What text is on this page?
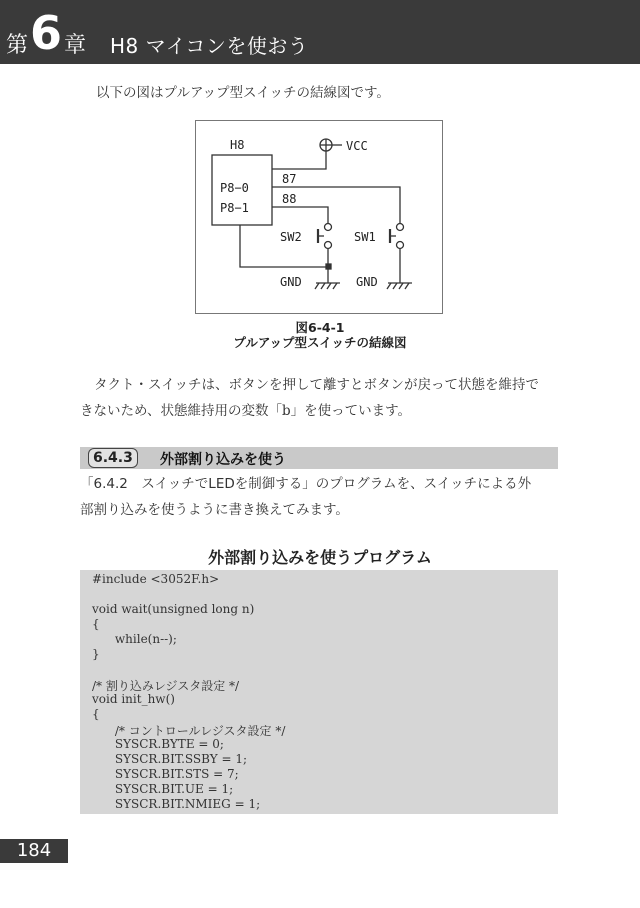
第 6 章 H8 マイコンを使おう
以下の図はプルアップ型スイッチの結線図です。
H8	VCC
P8−0
P8−1
87
88
SW2	SW1
GND	GND
図6-4-1
プルアップ型スイッチの結線図
タクト・スイッチは、ボタンを押して離すとボタンが戻って状態を維持で
きないため、状態維持用の変数「b」を使っています。
6.4.3	外部割り込みを使う
「6.4.2　スイッチでLEDを制御する」のプログラムを、スイッチによる外
部割り込みを使うように書き換えてみます。
外部割り込みを使うプログラム
#include <3052F.h>
void wait(unsigned long n)
{
while(n--);
}
/* 割り込みレジスタ設定 */
void init_hw()
{
/* コントロールレジスタ設定 */
SYSCR.BYTE = 0;
SYSCR.BIT.SSBY = 1;
SYSCR.BIT.STS = 7;
SYSCR.BIT.UE = 1;
SYSCR.BIT.NMIEG = 1;
184
